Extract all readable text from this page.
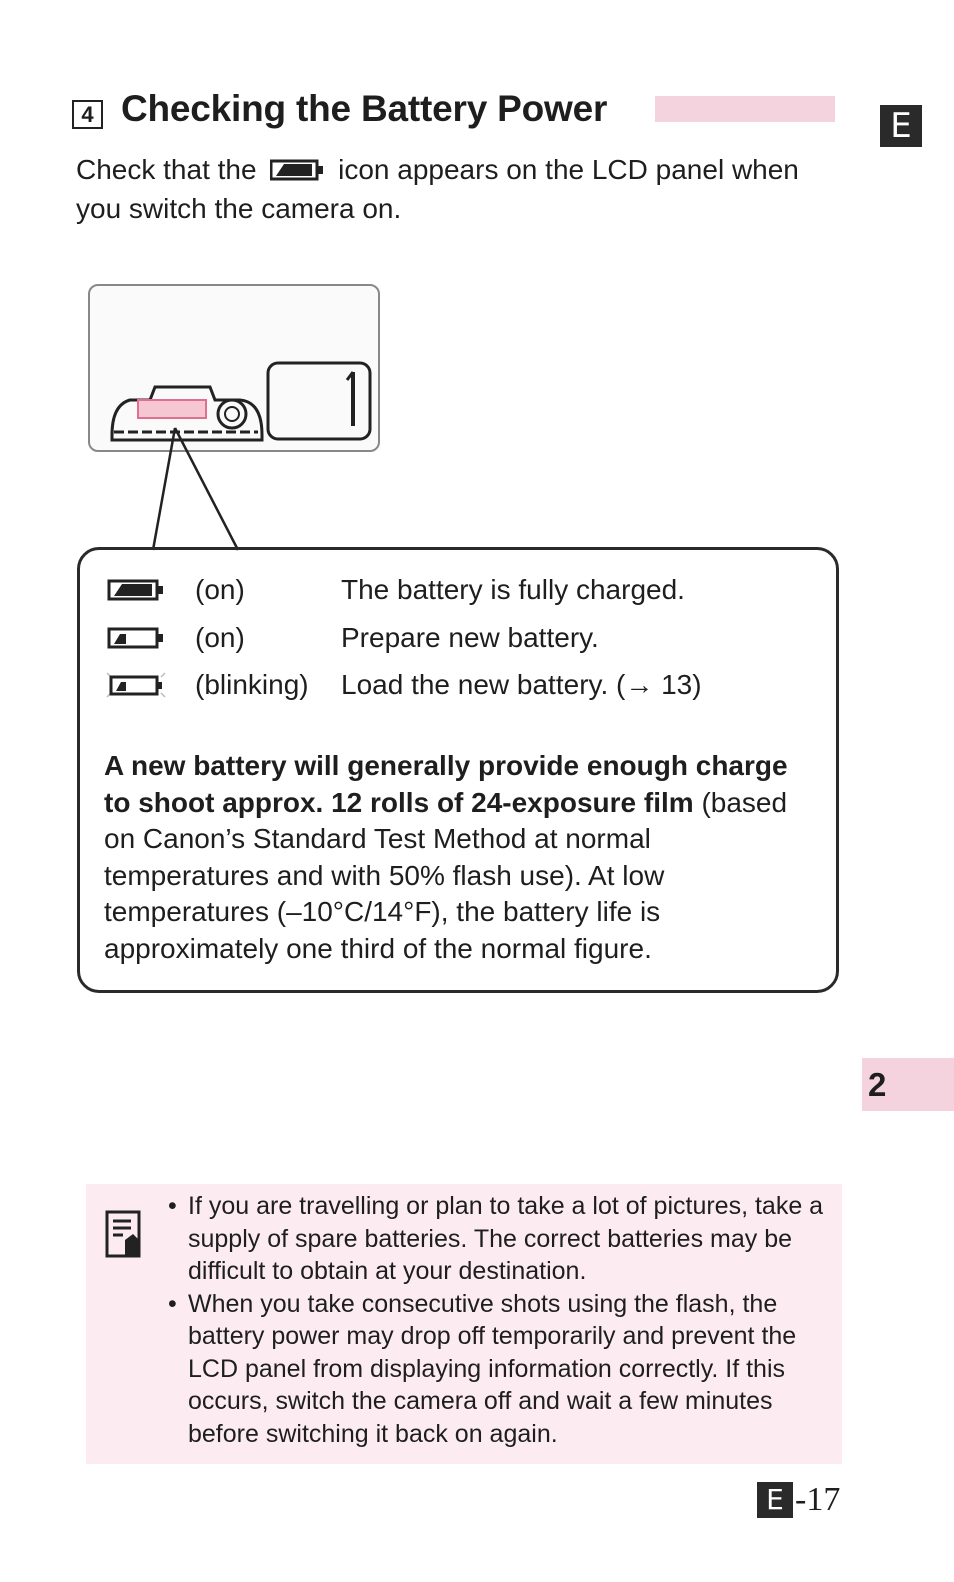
4 Checking the Battery Power	E
Check that the	icon appears on the LCD panel when you switch the camera on.
(on)	The battery is fully charged.
(on)	Prepare new battery.
(blinking) Load the new battery. (→ 13)
A new battery will generally provide enough charge to shoot approx. 12 rolls of 24-exposure film (based on Canon’s Standard Test Method at normal temperatures and with 50% flash use). At low temperatures (–10°C/14°F), the battery life is approximately one third of the normal figure.
2
• If you are travelling or plan to take a lot of pictures, take a supply of spare batteries. The correct batteries may be difficult to obtain at your destination.
• When you take consecutive shots using the flash, the battery power may drop off temporarily and prevent the LCD panel from displaying information correctly. If this occurs, switch the camera off and wait a few minutes before switching it back on again.
E -17
